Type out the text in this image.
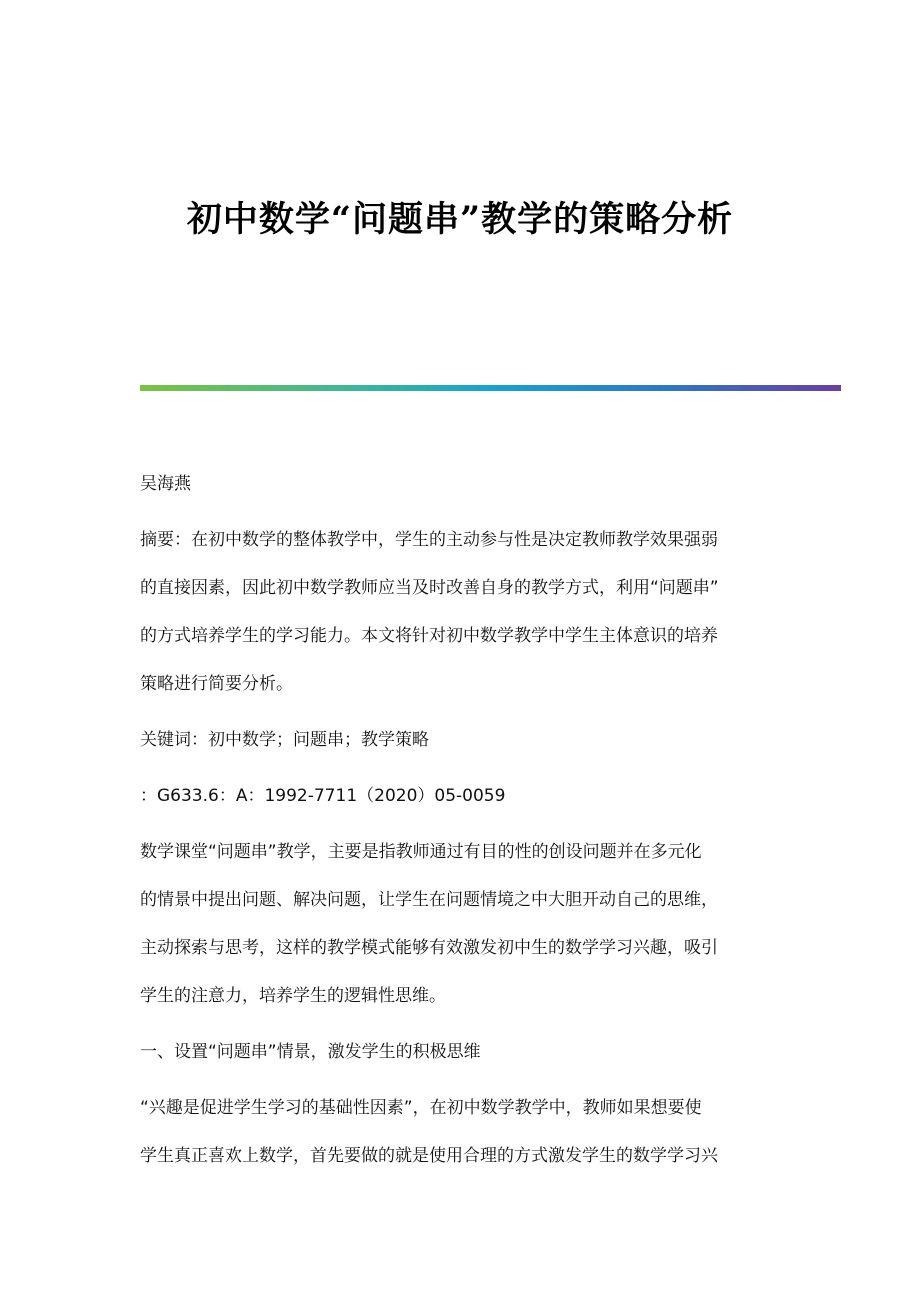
初中数学“问题串”教学的策略分析
吴海燕
摘要：在初中数学的整体教学中，学生的主动参与性是决定教师教学效果强弱
的直接因素，因此初中数学教师应当及时改善自身的教学方式，利用“问题串”
的方式培养学生的学习能力。本文将针对初中数学教学中学生主体意识的培养
策略进行简要分析。
关键词：初中数学；问题串；教学策略
：G633.6：A：1992-7711（2020）05-0059
数学课堂“问题串”教学，主要是指教师通过有目的性的创设问题并在多元化
的情景中提出问题、解决问题，让学生在问题情境之中大胆开动自己的思维，
主动探索与思考，这样的教学模式能够有效激发初中生的数学学习兴趣，吸引
学生的注意力，培养学生的逻辑性思维。
一、设置“问题串”情景，激发学生的积极思维
“兴趣是促进学生学习的基础性因素”，在初中数学教学中，教师如果想要使
学生真正喜欢上数学，首先要做的就是使用合理的方式激发学生的数学学习兴
